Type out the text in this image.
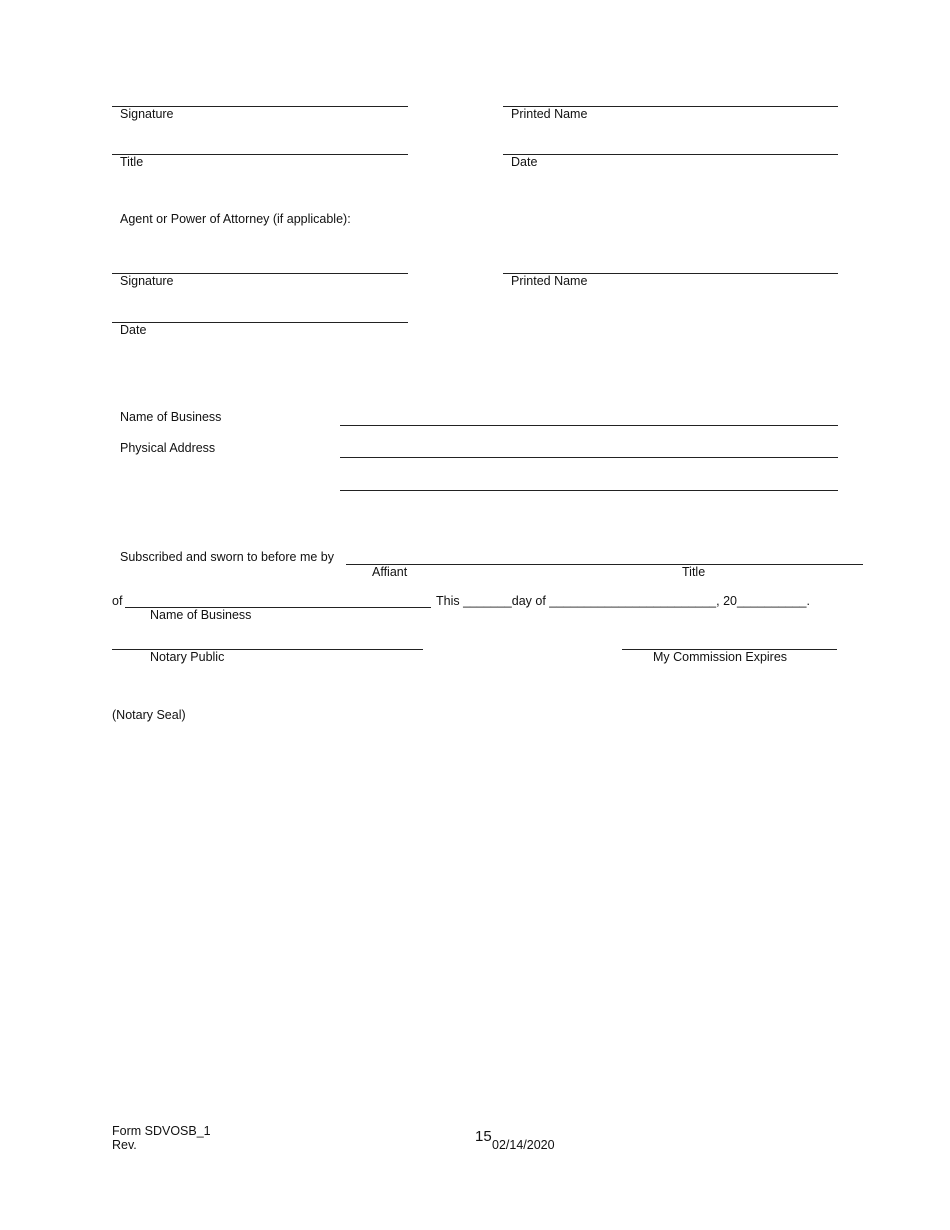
Signature	Printed Name
Title	Date
Agent or Power of Attorney (if applicable):
Signature	Printed Name
Date
Name of Business
Physical Address
Subscribed and sworn to before me by
Affiant	Title
of	This _______day of ________________________, 20__________.
Name of Business
Notary Public	My Commission Expires
(Notary Seal)
Form SDVOSB_1
Rev.	15 02/14/2020
